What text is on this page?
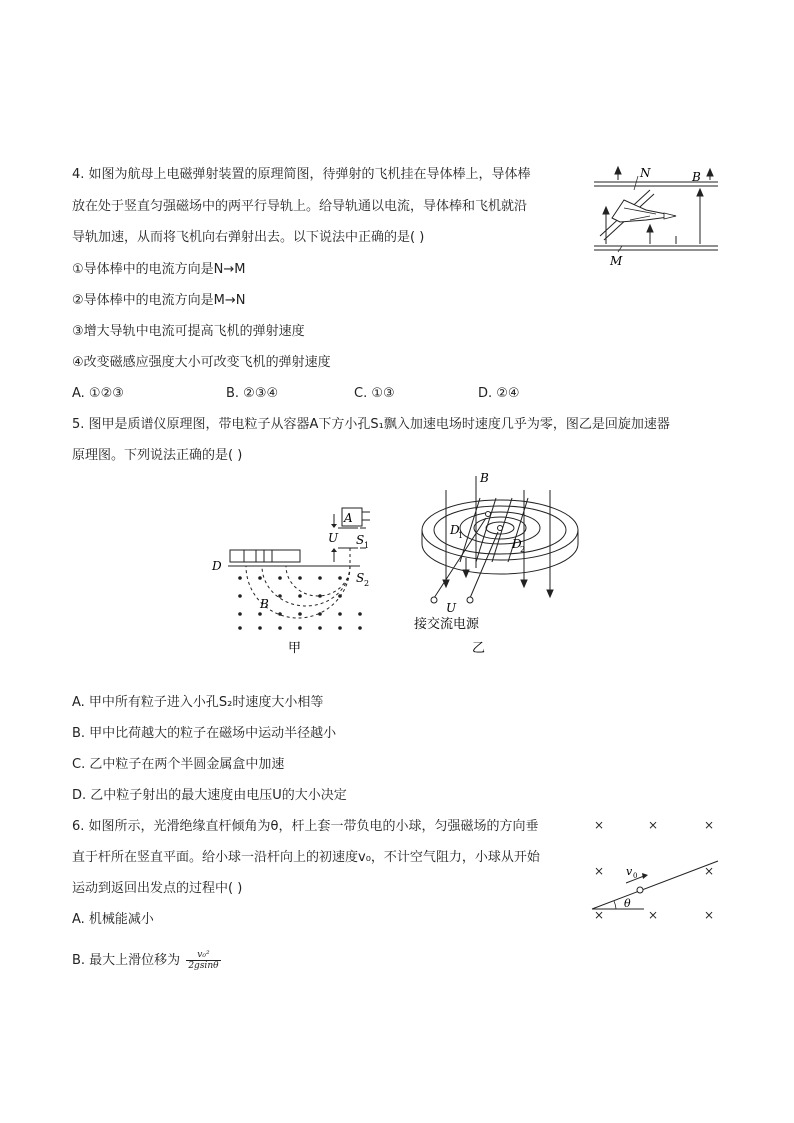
4. 如图为航母上电磁弹射装置的原理简图，待弹射的飞机挂在导体棒上，导体棒
放在处于竖直匀强磁场中的两平行导轨上。给导轨通以电流，导体棒和飞机就沿
导轨加速，从而将飞机向右弹射出去。以下说法中正确的是( )
①导体棒中的电流方向是N→M
②导体棒中的电流方向是M→N
③增大导轨中电流可提高飞机的弹射速度
④改变磁感应强度大小可改变飞机的弹射速度
A. ①②③	B. ②③④	C. ①③	D. ②④
N	B
M
5. 图甲是质谱仪原理图，带电粒子从容器A下方小孔S₁飘入加速电场时速度几乎为零，图乙是回旋加速器
原理图。下列说法正确的是( )
A
U S 1
S 2
D
B
甲
B
D
1
D
2
U
接交流电源
乙
A. 甲中所有粒子进入小孔S₂时速度大小相等
B. 甲中比荷越大的粒子在磁场中运动半径越小
C. 乙中粒子在两个半圆金属盒中加速
D. 乙中粒子射出的最大速度由电压U的大小决定
6. 如图所示，光滑绝缘直杆倾角为θ，杆上套一带负电的小球，匀强磁场的方向垂
直于杆所在竖直平面。给小球一沿杆向上的初速度v₀，不计空气阻力，小球从开始
运动到返回出发点的过程中( )
A. 机械能减小
B. 最大上滑位移为 $\frac{\text{v₀²}}{2gsin\theta}$
×	×	×
×	×
×	×	×
θ
v 0
